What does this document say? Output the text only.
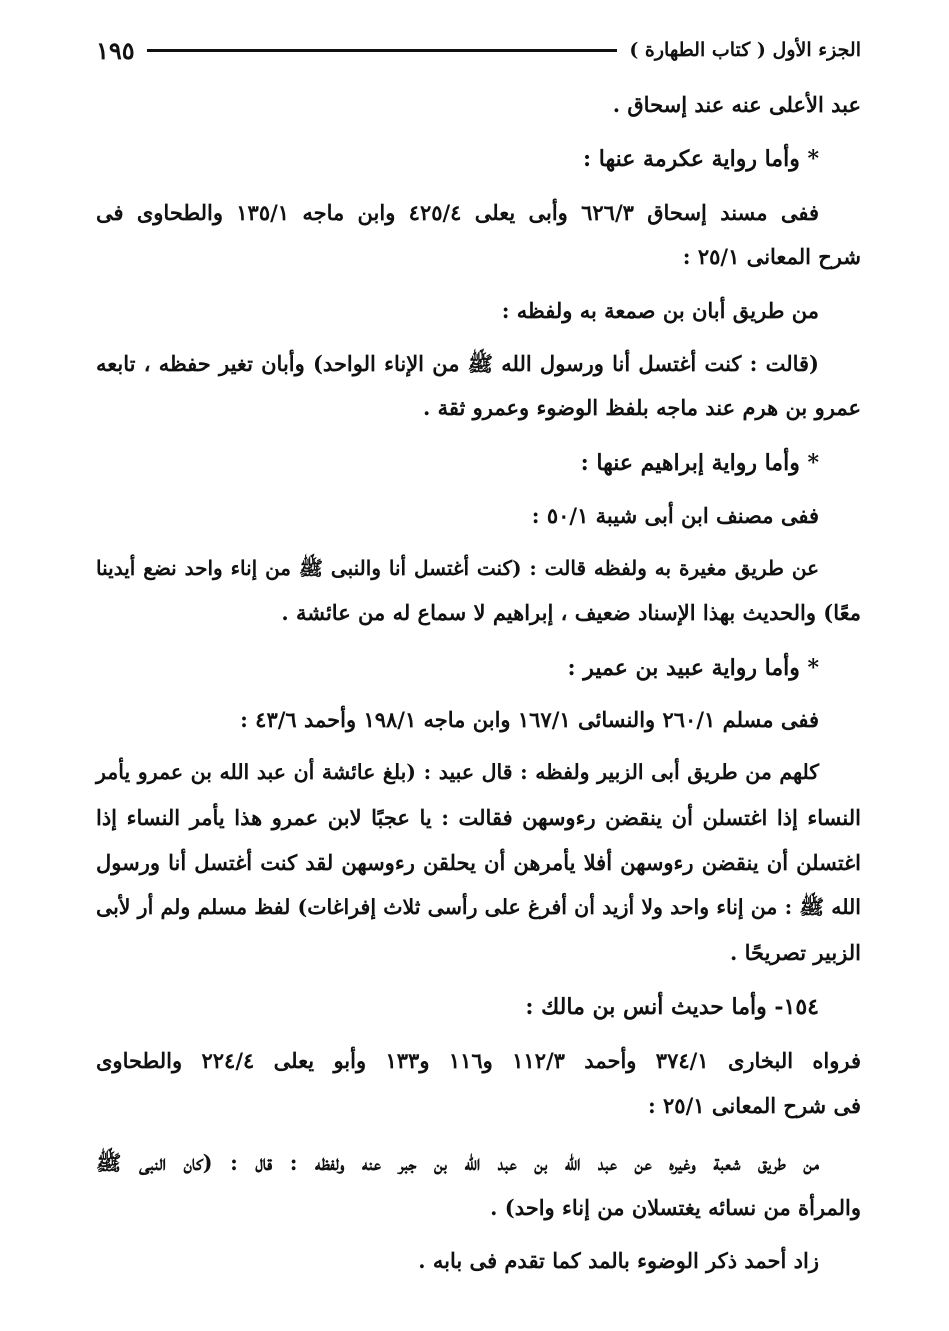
الجزء الأول ( كتاب الطهارة )
١٩٥
عبد الأعلى عنه عند إسحاق .
* وأما رواية عكرمة عنها :
ففى مسند إسحاق ٦٢٦/٣ وأبى يعلى ٤٢٥/٤ وابن ماجه ١٣٥/١ والطحاوى فى
شرح المعانى ٢٥/١ :
من طريق أبان بن صمعة به ولفظه :
(قالت : كنت أغتسل أنا ورسول الله ﷺ من الإناء الواحد) وأبان تغير حفظه ، تابعه
عمرو بن هرم عند ماجه بلفظ الوضوء وعمرو ثقة .
* وأما رواية إبراهيم عنها :
ففى مصنف ابن أبى شيبة ٥٠/١ :
عن طريق مغيرة به ولفظه قالت : (كنت أغتسل أنا والنبى ﷺ من إناء واحد نضع أيدينا
معًا) والحديث بهذا الإسناد ضعيف ، إبراهيم لا سماع له من عائشة .
* وأما رواية عبيد بن عمير :
ففى مسلم ٢٦٠/١ والنسائى ١٦٧/١ وابن ماجه ١٩٨/١ وأحمد ٤٣/٦ :
كلهم من طريق أبى الزبير ولفظه : قال عبيد : (بلغ عائشة أن عبد الله بن عمرو يأمر
النساء إذا اغتسلن أن ينقضن رءوسهن فقالت : يا عجبًا لابن عمرو هذا يأمر النساء إذا
اغتسلن أن ينقضن رءوسهن أفلا يأمرهن أن يحلقن رءوسهن لقد كنت أغتسل أنا ورسول
الله ﷺ : من إناء واحد ولا أزيد أن أفرغ على رأسى ثلاث إفراغات) لفظ مسلم ولم أر لأبى
الزبير تصريحًا .
١٥٤- وأما حديث أنس بن مالك :
فرواه البخارى ٣٧٤/١ وأحمد ١١٢/٣ و١١٦ و١٣٣ وأبو يعلى ٢٢٤/٤ والطحاوى
فى شرح المعانى ٢٥/١ :
من طريق شعبة وغيره عن عبد الله بن عبد الله بن جبر عنه ولفظه : قال : (كان النبى ﷺ
والمرأة من نسائه يغتسلان من إناء واحد) .
زاد أحمد ذكر الوضوء بالمد كما تقدم فى بابه .
